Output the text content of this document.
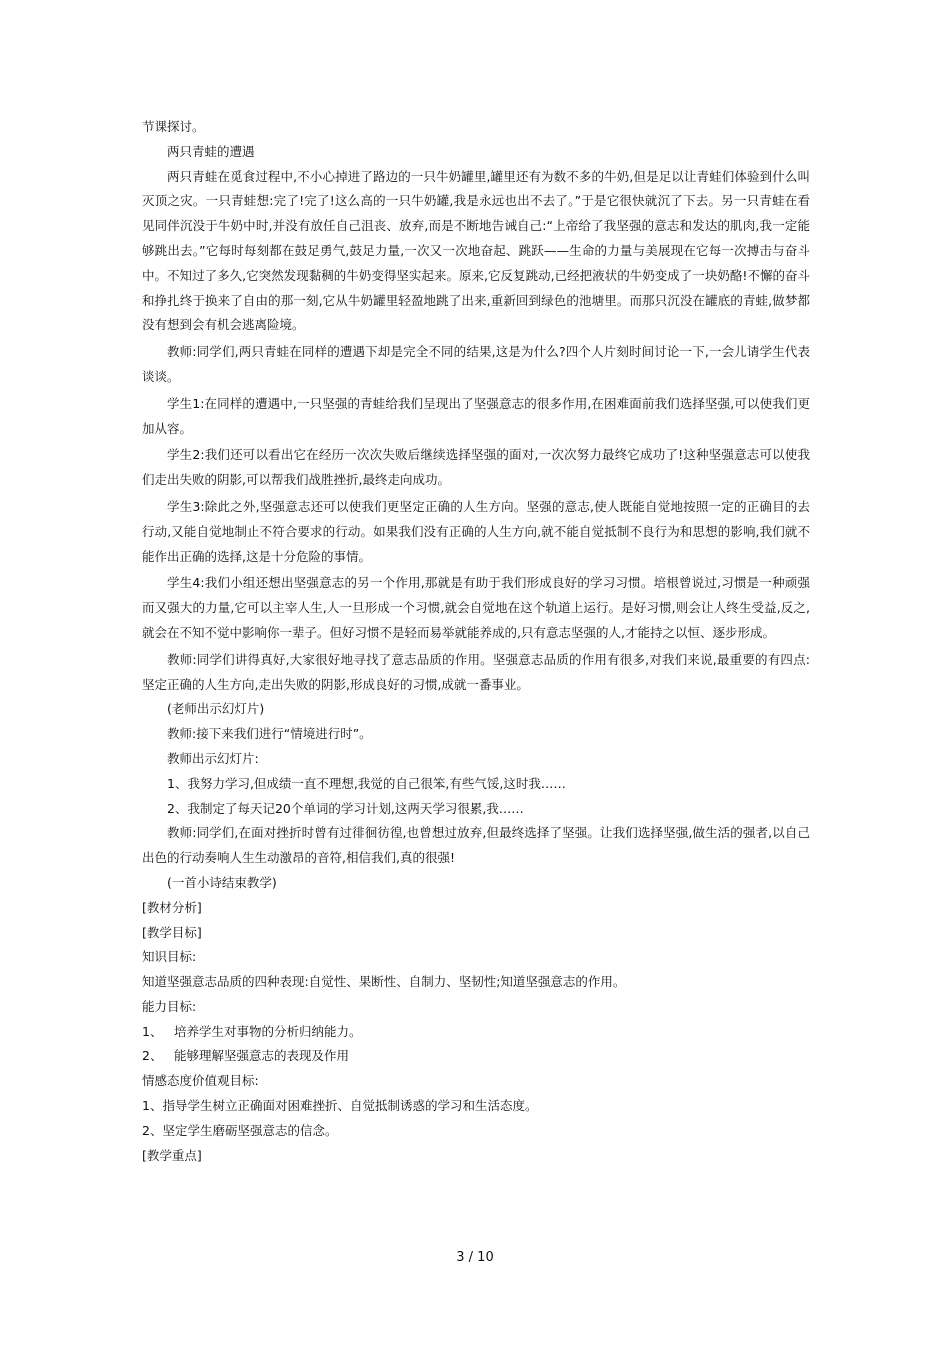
节课探讨。

两只青蛙的遭遇

两只青蛙在觅食过程中,不小心掉进了路边的一只牛奶罐里,罐里还有为数不多的牛奶,但是足以让青蛙们体验到什么叫灭顶之灾。一只青蛙想:完了!完了!这么高的一只牛奶罐,我是永远也出不去了。”于是它很快就沉了下去。另一只青蛙在看见同伴沉没于牛奶中时,并没有放任自己沮丧、放弃,而是不断地告诫自己:“上帝给了我坚强的意志和发达的肌肉,我一定能够跳出去。”它每时每刻都在鼓足勇气,鼓足力量,一次又一次地奋起、跳跃——生命的力量与美展现在它每一次搏击与奋斗中。不知过了多久,它突然发现黏稠的牛奶变得坚实起来。原来,它反复跳动,已经把液状的牛奶变成了一块奶酪!不懈的奋斗和挣扎终于换来了自由的那一刻,它从牛奶罐里轻盈地跳了出来,重新回到绿色的池塘里。而那只沉没在罐底的青蛙,做梦都没有想到会有机会逃离险境。

教师:同学们,两只青蛙在同样的遭遇下却是完全不同的结果,这是为什么?四个人片刻时间讨论一下,一会儿请学生代表谈谈。

学生1:在同样的遭遇中,一只坚强的青蛙给我们呈现出了坚强意志的很多作用,在困难面前我们选择坚强,可以使我们更加从容。

学生2:我们还可以看出它在经历一次次失败后继续选择坚强的面对,一次次努力最终它成功了!这种坚强意志可以使我们走出失败的阴影,可以帮我们战胜挫折,最终走向成功。

学生3:除此之外,坚强意志还可以使我们更坚定正确的人生方向。坚强的意志,使人既能自觉地按照一定的正确目的去行动,又能自觉地制止不符合要求的行动。如果我们没有正确的人生方向,就不能自觉抵制不良行为和思想的影响,我们就不能作出正确的选择,这是十分危险的事情。

学生4:我们小组还想出坚强意志的另一个作用,那就是有助于我们形成良好的学习习惯。培根曾说过,习惯是一种顽强而又强大的力量,它可以主宰人生,人一旦形成一个习惯,就会自觉地在这个轨道上运行。是好习惯,则会让人终生受益,反之,就会在不知不觉中影响你一辈子。但好习惯不是轻而易举就能养成的,只有意志坚强的人,才能持之以恒、逐步形成。

教师:同学们讲得真好,大家很好地寻找了意志品质的作用。坚强意志品质的作用有很多,对我们来说,最重要的有四点:坚定正确的人生方向,走出失败的阴影,形成良好的习惯,成就一番事业。

(老师出示幻灯片)

教师:接下来我们进行“情境进行时”。

教师出示幻灯片:

1、我努力学习,但成绩一直不理想,我觉的自己很笨,有些气馁,这时我……

2、我制定了每天记20个单词的学习计划,这两天学习很累,我……

教师:同学们,在面对挫折时曾有过徘徊彷徨,也曾想过放弃,但最终选择了坚强。让我们选择坚强,做生活的强者,以自己出色的行动奏响人生生动激昂的音符,相信我们,真的很强!

(一首小诗结束教学)

[教材分析]

[教学目标]

知识目标:

知道坚强意志品质的四种表现:自觉性、果断性、自制力、坚韧性;知道坚强意志的作用。

能力目标:

1、 培养学生对事物的分析归纳能力。

2、 能够理解坚强意志的表现及作用

情感态度价值观目标:

1、指导学生树立正确面对困难挫折、自觉抵制诱惑的学习和生活态度。

2、坚定学生磨砺坚强意志的信念。

[教学重点]

3 / 10
